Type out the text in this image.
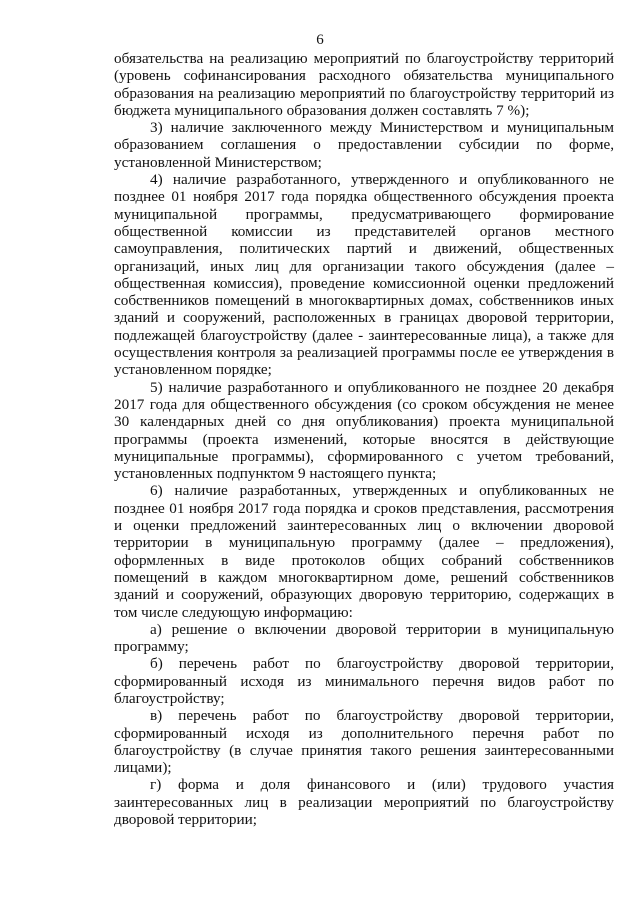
6

обязательства на реализацию мероприятий по благоустройству территорий (уровень софинансирования расходного обязательства муниципального образования на реализацию мероприятий по благоустройству территорий из бюджета муниципального образования должен составлять 7 %);

3) наличие заключенного между Министерством и муниципальным образованием соглашения о предоставлении субсидии по форме, установленной Министерством;

4) наличие разработанного, утвержденного и опубликованного не позднее 01 ноября 2017 года порядка общественного обсуждения проекта муниципальной программы, предусматривающего формирование общественной комиссии из представителей органов местного самоуправления, политических партий и движений, общественных организаций, иных лиц для организации такого обсуждения (далее – общественная комиссия), проведение комиссионной оценки предложений собственников помещений в многоквартирных домах, собственников иных зданий и сооружений, расположенных в границах дворовой территории, подлежащей благоустройству (далее - заинтересованные лица), а также для осуществления контроля за реализацией программы после ее утверждения в установленном порядке;

5) наличие разработанного и опубликованного не позднее 20 декабря 2017 года для общественного обсуждения (со сроком обсуждения не менее 30 календарных дней со дня опубликования) проекта муниципальной программы (проекта изменений, которые вносятся в действующие муниципальные программы), сформированного с учетом требований, установленных подпунктом 9 настоящего пункта;

6) наличие разработанных, утвержденных и опубликованных не позднее 01 ноября 2017 года порядка и сроков представления, рассмотрения и оценки предложений заинтересованных лиц о включении дворовой территории в муниципальную программу (далее – предложения), оформленных в виде протоколов общих собраний собственников помещений в каждом многоквартирном доме, решений собственников зданий и сооружений, образующих дворовую территорию, содержащих в том числе следующую информацию:

а) решение о включении дворовой территории в муниципальную программу;

б) перечень работ по благоустройству дворовой территории, сформированный исходя из минимального перечня видов работ по благоустройству;

в) перечень работ по благоустройству дворовой территории, сформированный исходя из дополнительного перечня работ по благоустройству (в случае принятия такого решения заинтересованными лицами);

г) форма и доля финансового и (или) трудового участия заинтересованных лиц в реализации мероприятий по благоустройству дворовой территории;
